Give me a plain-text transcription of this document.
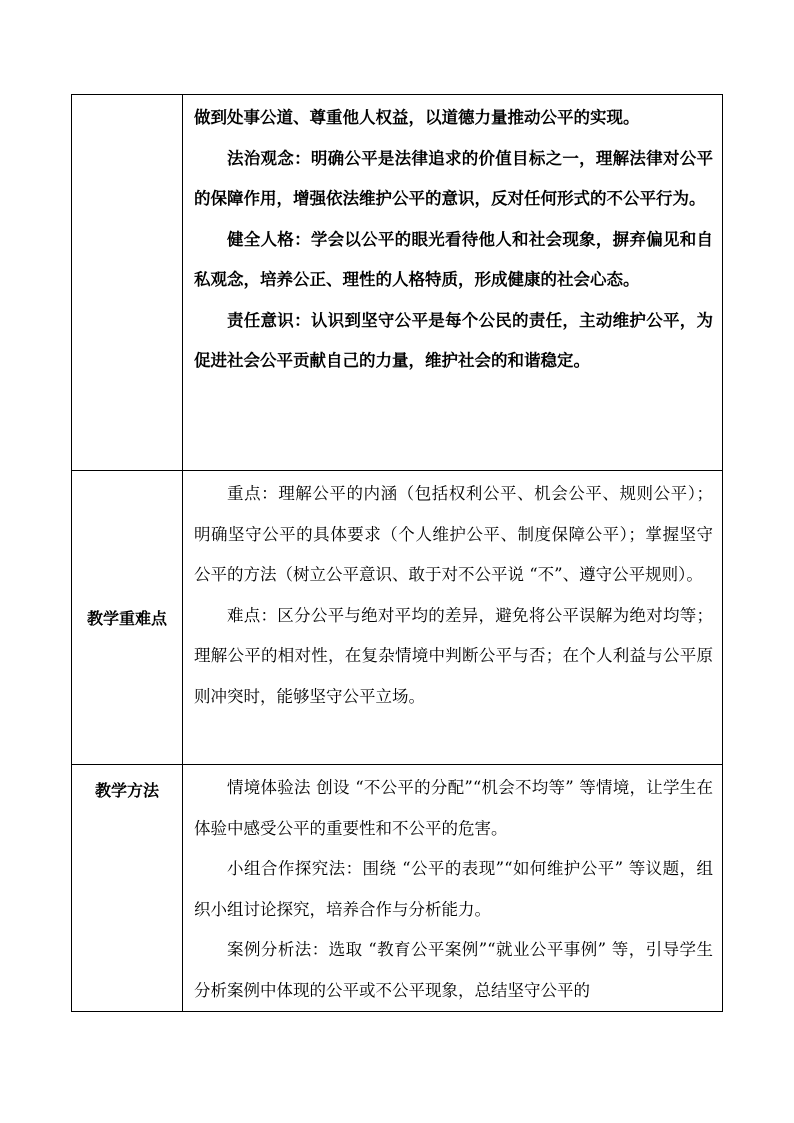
	做到处事公道、尊重他人权益，以道德力量推动公平的实现。

法治观念：明确公平是法律追求的价值目标之一，理解法律对公平的保障作用，增强依法维护公平的意识，反对任何形式的不公平行为。

健全人格：学会以公平的眼光看待他人和社会现象，摒弃偏见和自私观念，培养公正、理性的人格特质，形成健康的社会心态。

责任意识：认识到坚守公平是每个公民的责任，主动维护公平，为促进社会公平贡献自己的力量，维护社会的和谐稳定。

教学重难点	重点：理解公平的内涵（包括权利公平、机会公平、规则公平）；明确坚守公平的具体要求（个人维护公平、制度保障公平）；掌握坚守公平的方法（树立公平意识、敢于对不公平说 “不”、遵守公平规则）。

难点：区分公平与绝对平均的差异，避免将公平误解为绝对均等；理解公平的相对性，在复杂情境中判断公平与否；在个人利益与公平原则冲突时，能够坚守公平立场。

教学方法	情境体验法 创设 “不公平的分配”“机会不均等” 等情境，让学生在体验中感受公平的重要性和不公平的危害。

小组合作探究法：围绕 “公平的表现”“如何维护公平” 等议题，组织小组讨论探究，培养合作与分析能力。

案例分析法：选取 “教育公平案例”“就业公平事例” 等，引导学生分析案例中体现的公平或不公平现象，总结坚守公平的
